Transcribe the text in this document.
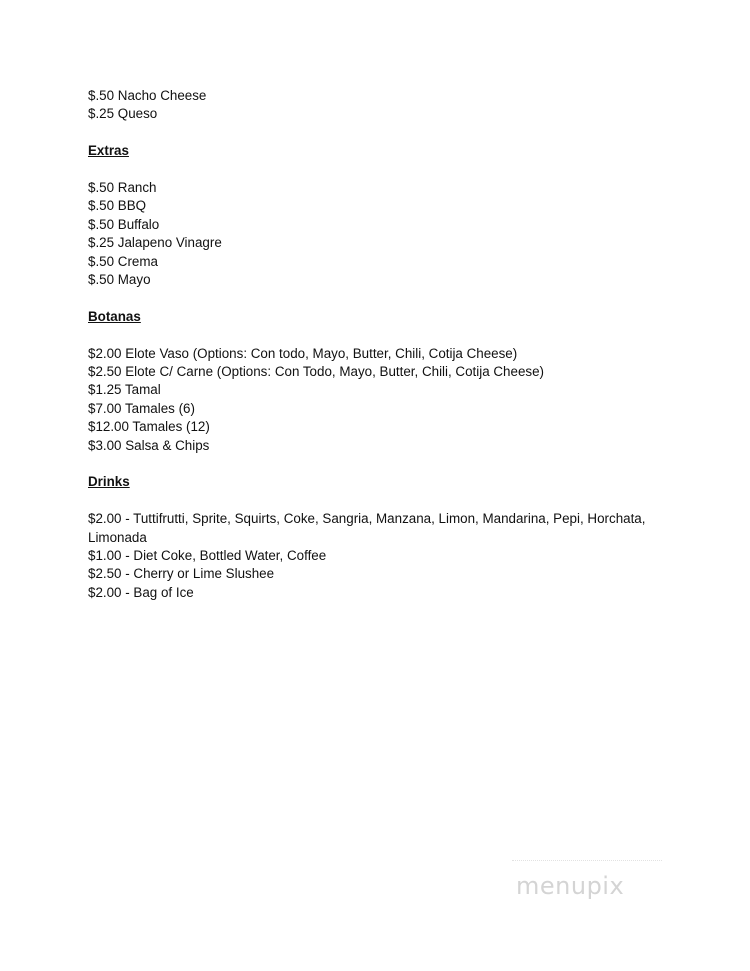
$.50 Nacho Cheese
$.25 Queso
Extras
$.50 Ranch
$.50 BBQ
$.50 Buffalo
$.25 Jalapeno Vinagre
$.50 Crema
$.50 Mayo
Botanas
$2.00 Elote Vaso (Options: Con todo, Mayo, Butter, Chili, Cotija Cheese)
$2.50 Elote C/ Carne (Options: Con Todo, Mayo, Butter, Chili, Cotija Cheese)
$1.25 Tamal
$7.00 Tamales (6)
$12.00 Tamales (12)
$3.00 Salsa & Chips
Drinks
$2.00 - Tuttifrutti, Sprite, Squirts, Coke, Sangria, Manzana, Limon, Mandarina, Pepi, Horchata, Limonada
$1.00 - Diet Coke, Bottled Water, Coffee
$2.50 - Cherry or Lime Slushee
$2.00 - Bag of Ice
menupix
